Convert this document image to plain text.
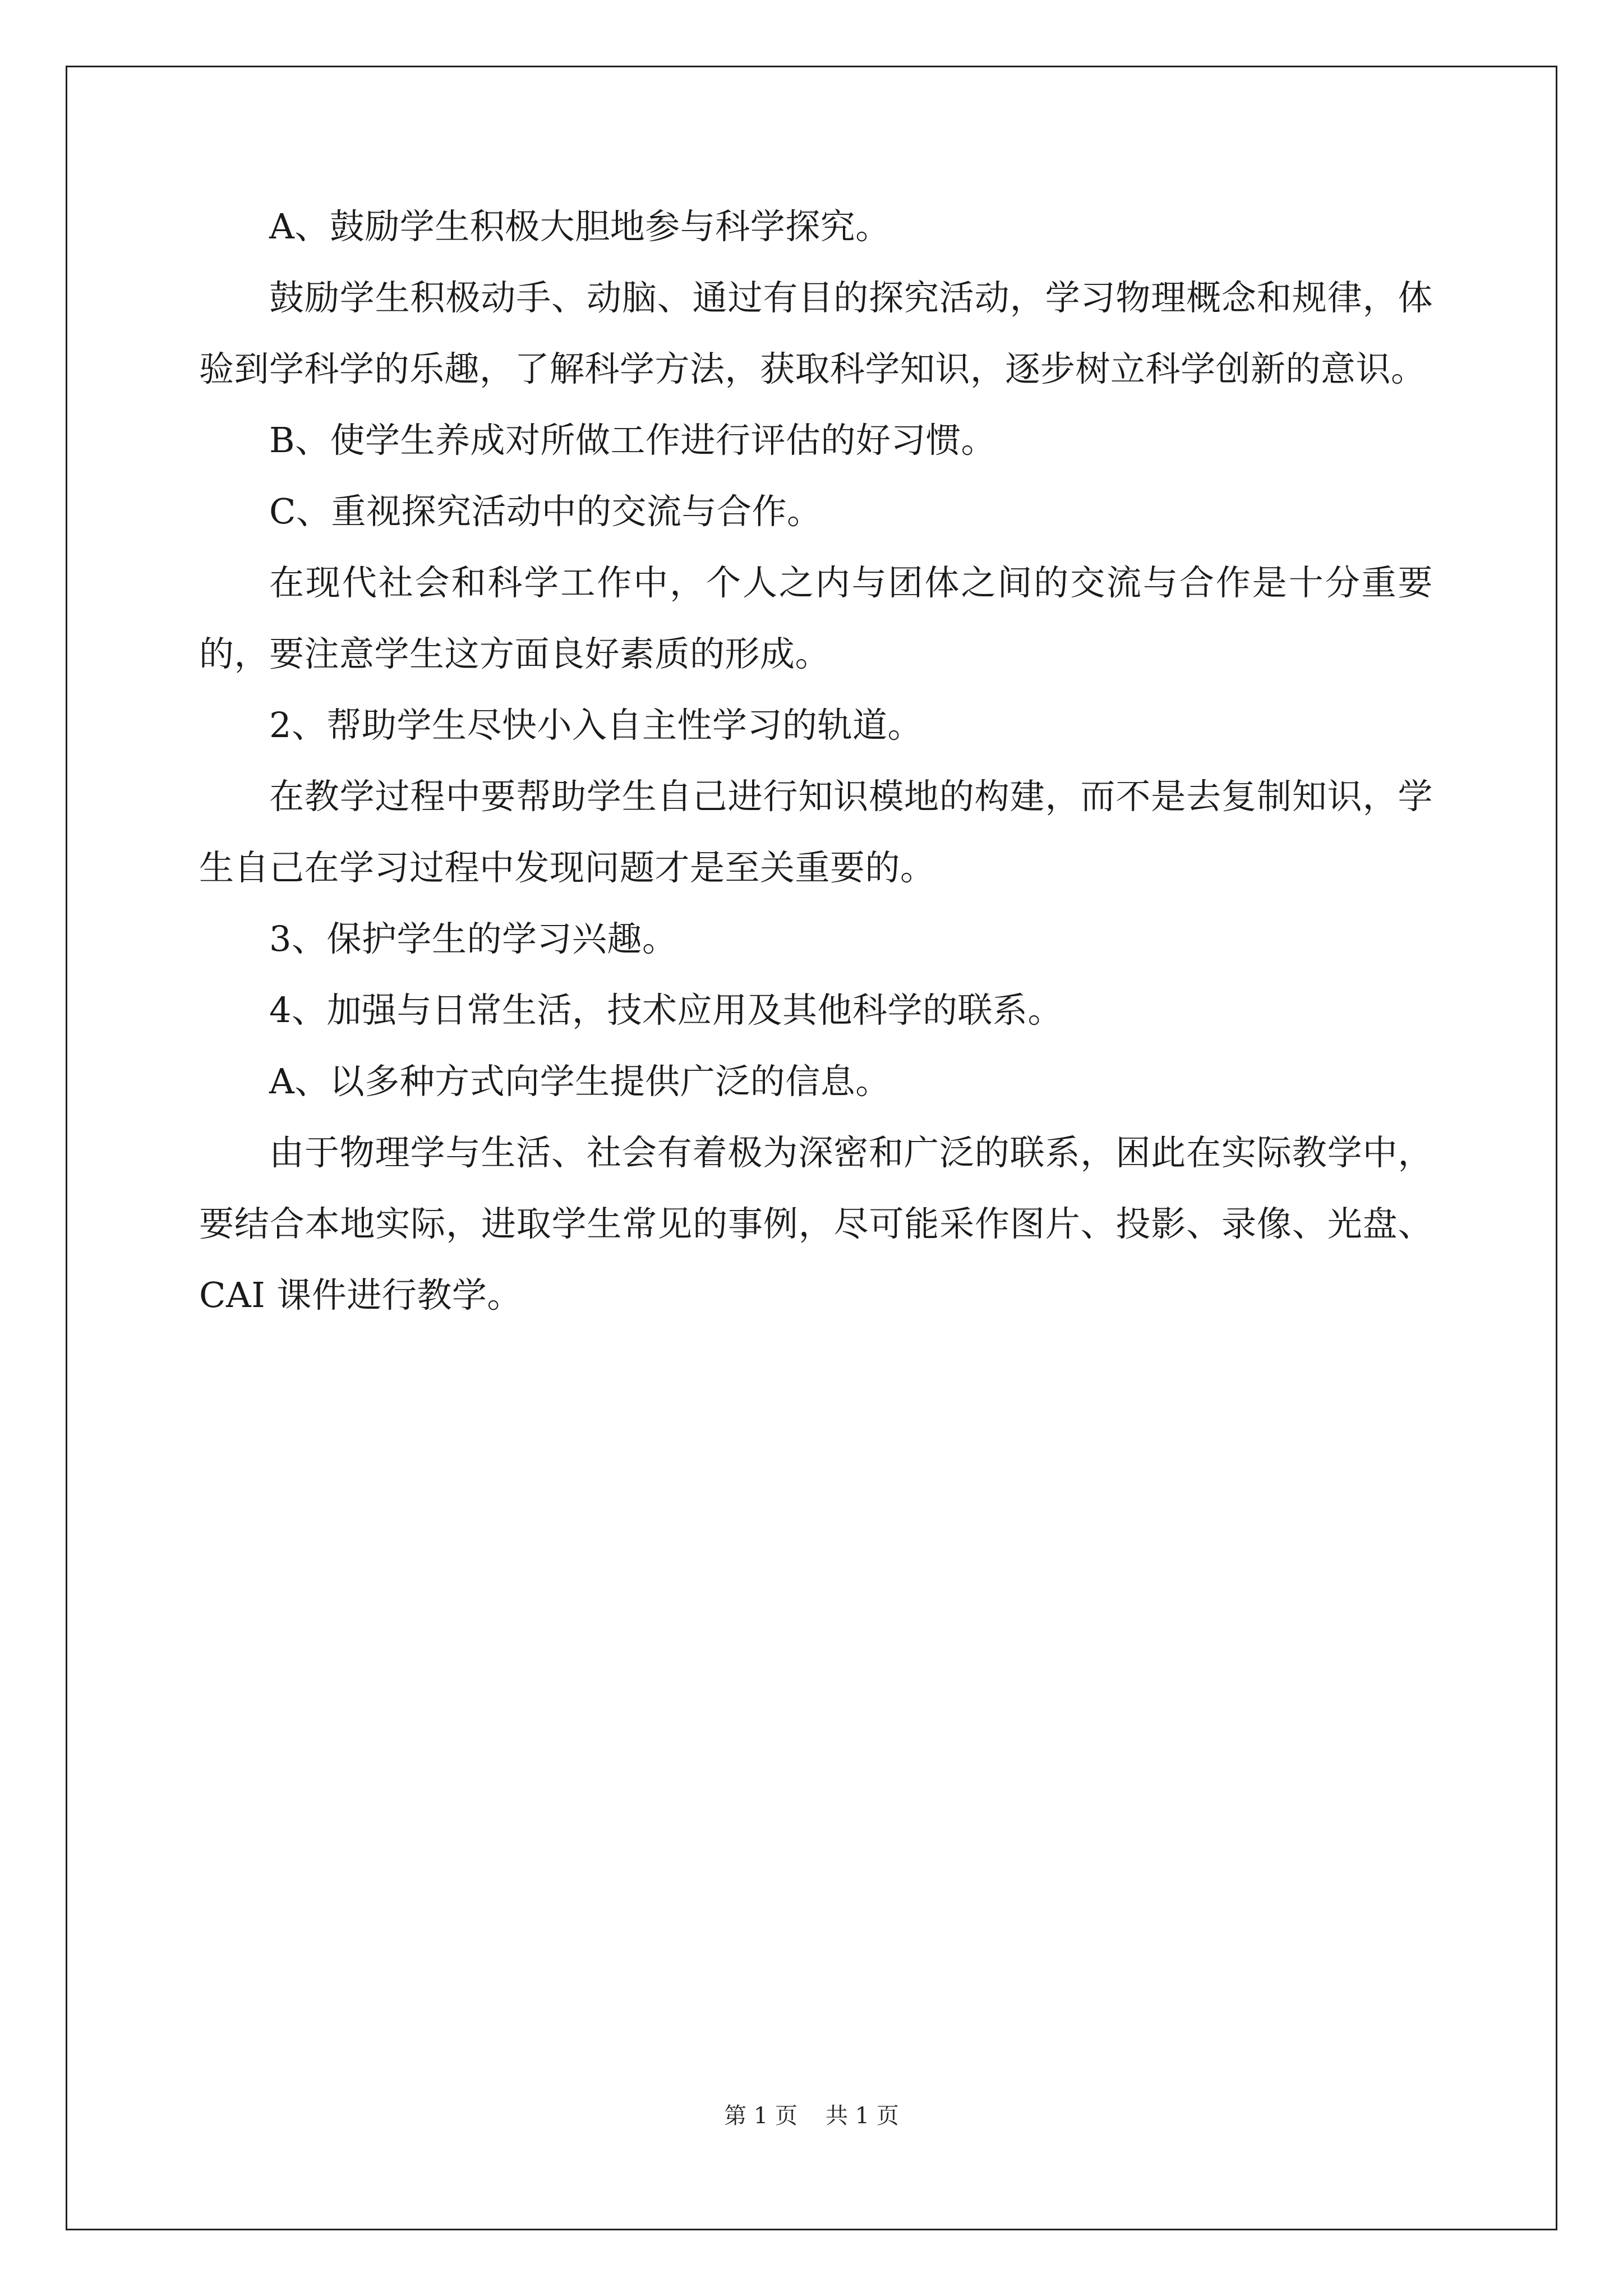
A、鼓励学生积极大胆地参与科学探究。

鼓励学生积极动手、动脑、通过有目的探究活动，学习物理概念和规律，体验到学科学的乐趣，了解科学方法，获取科学知识，逐步树立科学创新的意识。

B、使学生养成对所做工作进行评估的好习惯。

C、重视探究活动中的交流与合作。

在现代社会和科学工作中，个人之内与团体之间的交流与合作是十分重要的，要注意学生这方面良好素质的形成。

2、帮助学生尽快小入自主性学习的轨道。

在教学过程中要帮助学生自己进行知识模地的构建，而不是去复制知识，学生自己在学习过程中发现问题才是至关重要的。

3、保护学生的学习兴趣。

4、加强与日常生活，技术应用及其他科学的联系。

A、以多种方式向学生提供广泛的信息。

由于物理学与生活、社会有着极为深密和广泛的联系，困此在实际教学中，要结合本地实际，进取学生常见的事例，尽可能采作图片、投影、录像、光盘、CAI 课件进行教学。

第 1 页 共 1 页
